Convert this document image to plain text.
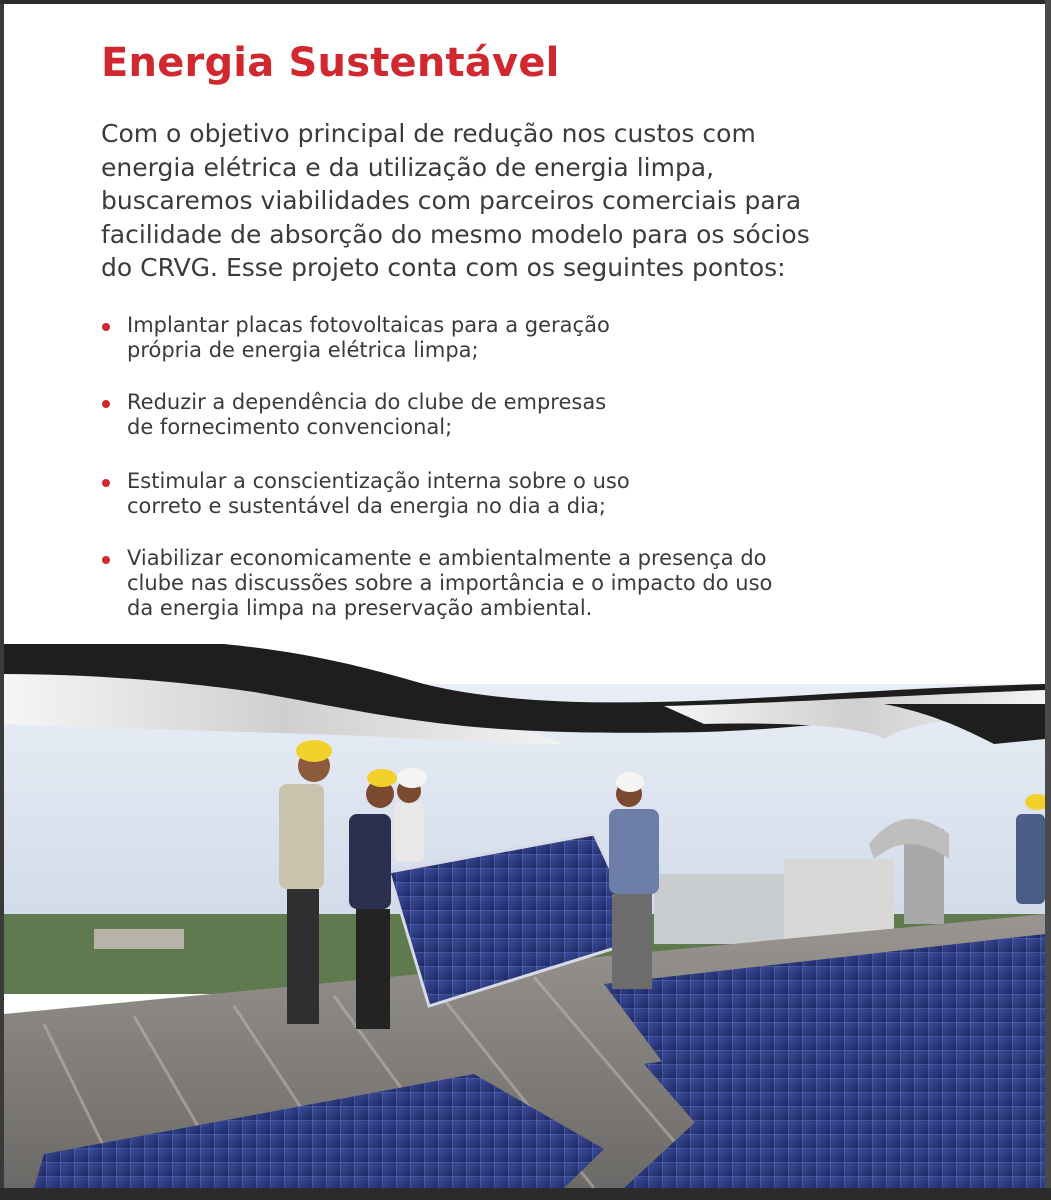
Energia Sustentável

Com o objetivo principal de redução nos custos com
energia elétrica e da utilização de energia limpa,
buscaremos viabilidades com parceiros comerciais para
facilidade de absorção do mesmo modelo para os sócios
do CRVG. Esse projeto conta com os seguintes pontos:

Implantar placas fotovoltaicas para a geração
própria de energia elétrica limpa;
Reduzir a dependência do clube de empresas
de fornecimento convencional;
Estimular a conscientização interna sobre o uso
correto e sustentável da energia no dia a dia;
Viabilizar economicamente e ambientalmente a presença do
clube nas discussões sobre a importância e o impacto do uso
da energia limpa na preservação ambiental.
